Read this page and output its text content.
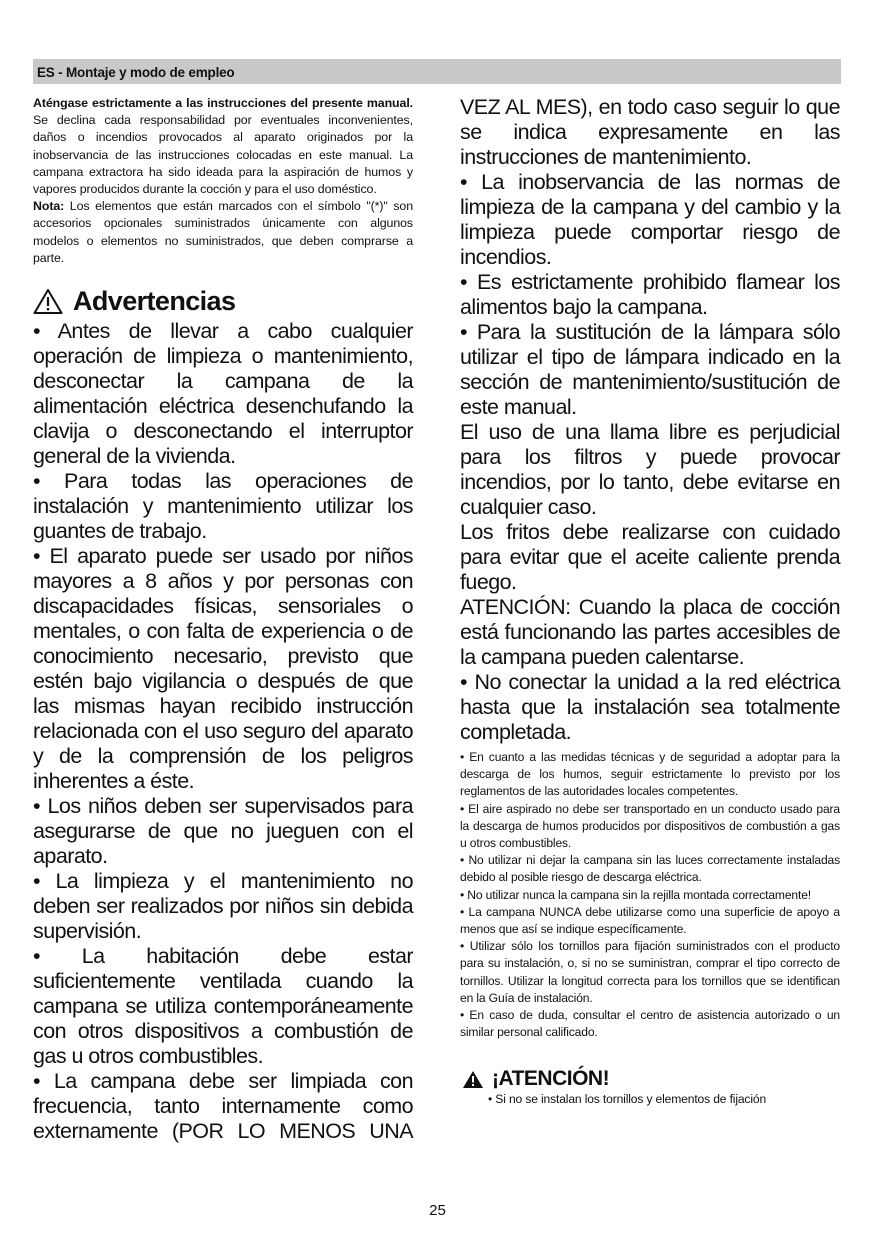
ES - Montaje y modo de empleo

Aténgase estrictamente a las instrucciones del presente manual. Se declina cada responsabilidad por eventuales inconvenientes, daños o incendios provocados al aparato originados por la inobservancia de las instrucciones colocadas en este manual. La campana extractora ha sido ideada para la aspiración de humos y vapores producidos durante la cocción y para el uso doméstico.
Nota: Los elementos que están marcados con el símbolo "(*)" son accesorios opcionales suministrados únicamente con algunos modelos o elementos no suministrados, que deben comprarse a parte.

Advertencias

• Antes de llevar a cabo cualquier operación de limpieza o mantenimiento, desconectar la campana de la alimentación eléctrica desenchufando la clavija o desconectando el interruptor general de la vivienda.

• Para todas las operaciones de instalación y mantenimiento utilizar los guantes de trabajo.

• El aparato puede ser usado por niños mayores a 8 años y por personas con discapacidades físicas, sensoriales o mentales, o con falta de experiencia o de conocimiento necesario, previsto que estén bajo vigilancia o después de que las mismas hayan recibido instrucción relacionada con el uso seguro del aparato y de la comprensión de los peligros inherentes a éste.

• Los niños deben ser supervisados para asegurarse de que no jueguen con el aparato.

• La limpieza y el mantenimiento no deben ser realizados por niños sin debida supervisión.

• La habitación debe estar suficientemente ventilada cuando la campana se utiliza contemporáneamente con otros dispositivos a combustión de gas u otros combustibles.

• La campana debe ser limpiada con frecuencia, tanto internamente como externamente (POR LO MENOS UNA

VEZ AL MES), en todo caso seguir lo que se indica expresamente en las instrucciones de mantenimiento.

• La inobservancia de las normas de limpieza de la campana y del cambio y la limpieza puede comportar riesgo de incendios.

• Es estrictamente prohibido flamear los alimentos bajo la campana.

• Para la sustitución de la lámpara sólo utilizar el tipo de lámpara indicado en la sección de mantenimiento/sustitución de este manual.

El uso de una llama libre es perjudicial para los filtros y puede provocar incendios, por lo tanto, debe evitarse en cualquier caso.

Los fritos debe realizarse con cuidado para evitar que el aceite caliente prenda fuego.

ATENCIÓN: Cuando la placa de cocción está funcionando las partes accesibles de la campana pueden calentarse.

• No conectar la unidad a la red eléctrica hasta que la instalación sea totalmente completada.

• En cuanto a las medidas técnicas y de seguridad a adoptar para la descarga de los humos, seguir estrictamente lo previsto por los reglamentos de las autoridades locales competentes.

• El aire aspirado no debe ser transportado en un conducto usado para la descarga de humos producidos por dispositivos de combustión a gas u otros combustibles.

• No utilizar ni dejar la campana sin las luces correctamente instaladas debido al posible riesgo de descarga eléctrica.

• No utilizar nunca la campana sin la rejilla montada correctamente!

• La campana NUNCA debe utilizarse como una superficie de apoyo a menos que así se indique específicamente.

• Utilizar sólo los tornillos para fijación suministrados con el producto para su instalación, o, si no se suministran, comprar el tipo correcto de tornillos. Utilizar la longitud correcta para los tornillos que se identifican en la Guía de instalación.

• En caso de duda, consultar el centro de asistencia autorizado o un similar personal calificado.

¡ATENCIÓN!

• Si no se instalan los tornillos y elementos de fijación

25
